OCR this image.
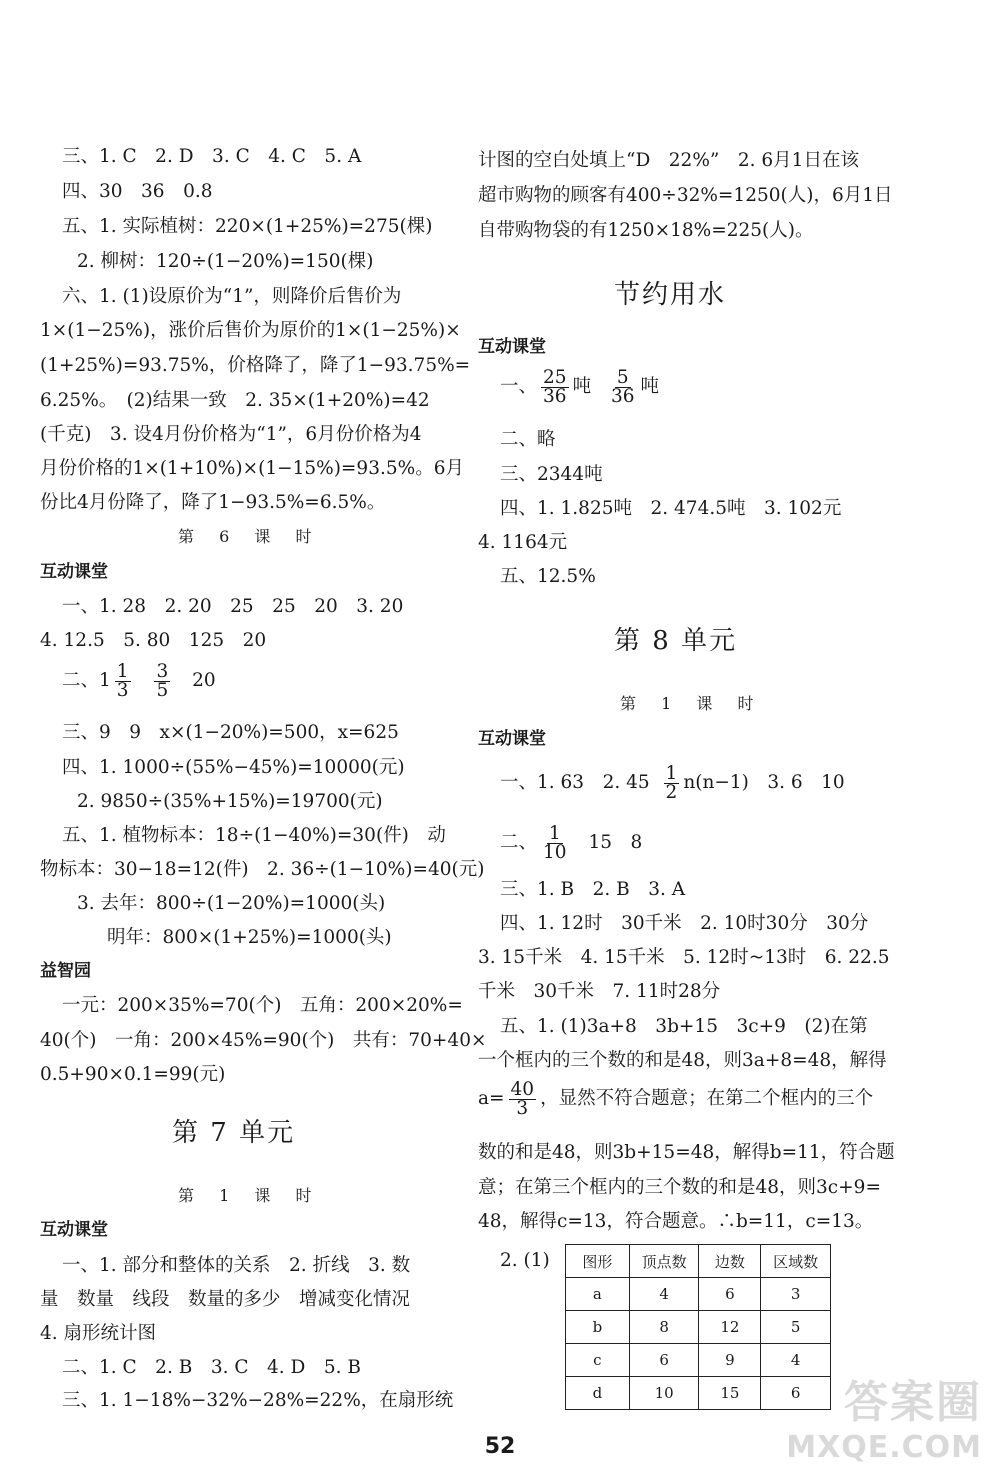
三、1. C　2. D　3. C　4. C　5. A
四、30　36　0.8
五、1. 实际植树：220×(1+25%)=275(棵)
2. 柳树：120÷(1−20%)=150(棵)
六、1. (1)设原价为“1”，则降价后售价为
1×(1−25%)，涨价后售价为原价的1×(1−25%)×
(1+25%)=93.75%，价格降了，降了1−93.75%=
6.25%。　(2)结果一致　2. 35×(1+20%)=42
(千克)　3. 设4月份价格为“1”，6月份价格为4
月份价格的1×(1+10%)×(1−15%)=93.5%。6月
份比4月份降了，降了1−93.5%=6.5%。
第 6 课 时
互动课堂
一、1. 28　2. 20　25　25　20　3. 20
4. 12.5　5. 80　125　20
二、$1 \frac{1}{3}$
$\frac{3}{5} 20$
三、9　9　x×(1−20%)=500，x=625
四、1. 1000÷(55%−45%)=10000(元)
2. 9850÷(35%+15%)=19700(元)
五、1. 植物标本：18÷(1−40%)=30(件)　动
物标本：30−18=12(件)　2. 36÷(1−10%)=40(元)
3. 去年：800÷(1−20%)=1000(头)
明年：800×(1+25%)=1000(头)
益智园
一元：200×35%=70(个)　五角：200×20%=
40(个)　一角：200×45%=90(个)　共有：70+40×
0.5+90×0.1=99(元)
第 7 单元
第 1 课 时
互动课堂
一、1. 部分和整体的关系　2. 折线　3. 数
量　数量　线段　数量的多少　增减变化情况
4. 扇形统计图
二、1. C　2. B　3. C　4. D　5. B
三、1. 1−18%−32%−28%=22%，在扇形统
计图的空白处填上“D　22%”　2. 6月1日在该
超市购物的顾客有400÷32%=1250(人)，6月1日
自带购物袋的有1250×18%=225(人)。
节约用水
互动课堂
一、 $\frac{25}{36}$ 吨 $\frac{5}{36}$ 吨
二、略
三、2344吨
四、1. 1.825吨　2. 474.5吨　3. 102元
4. 1164元
五、12.5%
第 8 单元
第 1 课 时
互动课堂
一、1. 63　2. $45 \frac{1}{2} n(n-1)$　3. 6　10
二、 $\frac{1}{10} 15$　8
三、1. B　2. B　3. A
四、1. 12时　30千米　2. 10时30分　30分
3. 15千米　4. 15千米　5. 12时~13时　6. 22.5
千米　30千米　7. 11时28分
五、1. (1)3a+8　3b+15　3c+9　(2)在第
一个框内的三个数的和是48，则3a+8=48，解得
$a= \frac{40}{3}$ ，显然不符合题意；在第二个框内的三个
数的和是48，则3b+15=48，解得b=11，符合题
意；在第三个框内的三个数的和是48，则3c+9=
48，解得c=13，符合题意。∴b=11，c=13。
2. (1) 图形	顶点数	边数	区域数
a	4	6	3
b	8	12	5
c	6	9	4
d	10	15	6
52
答案圈
MXQE.COM
